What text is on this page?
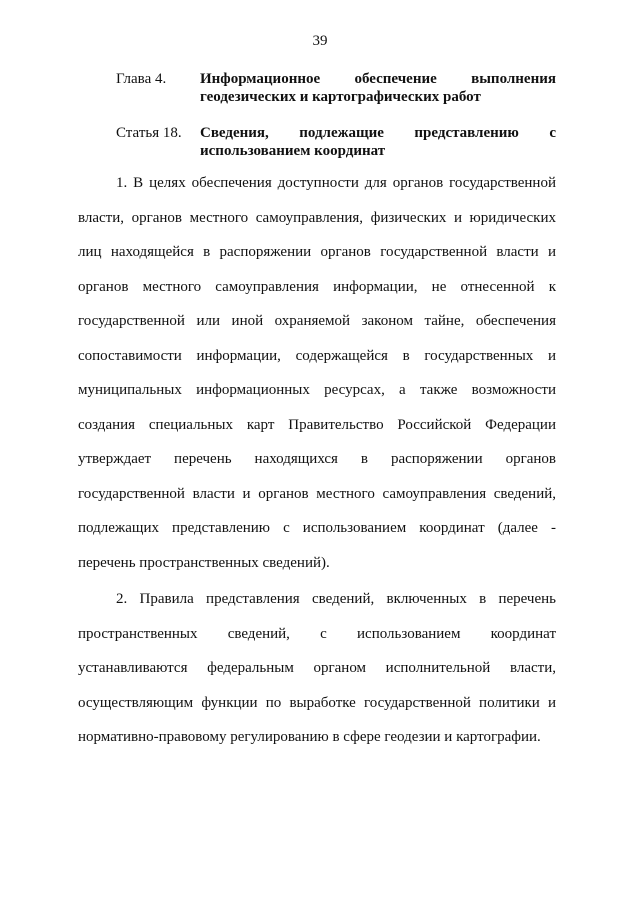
39
Глава 4. Информационное обеспечение выполнения геодезических и картографических работ
Статья 18. Сведения, подлежащие представлению с использованием координат

1. В целях обеспечения доступности для органов государственной власти, органов местного самоуправления, физических и юридических лиц находящейся в распоряжении органов государственной власти и органов местного самоуправления информации, не отнесенной к государственной или иной охраняемой законом тайне, обеспечения сопоставимости информации, содержащейся в государственных и муниципальных информационных ресурсах, а также возможности создания специальных карт Правительство Российской Федерации утверждает перечень находящихся в распоряжении органов государственной власти и органов местного самоуправления сведений, подлежащих представлению с использованием координат (далее - перечень пространственных сведений).

2. Правила представления сведений, включенных в перечень пространственных сведений, с использованием координат устанавливаются федеральным органом исполнительной власти, осуществляющим функции по выработке государственной политики и нормативно-правовому регулированию в сфере геодезии и картографии.
